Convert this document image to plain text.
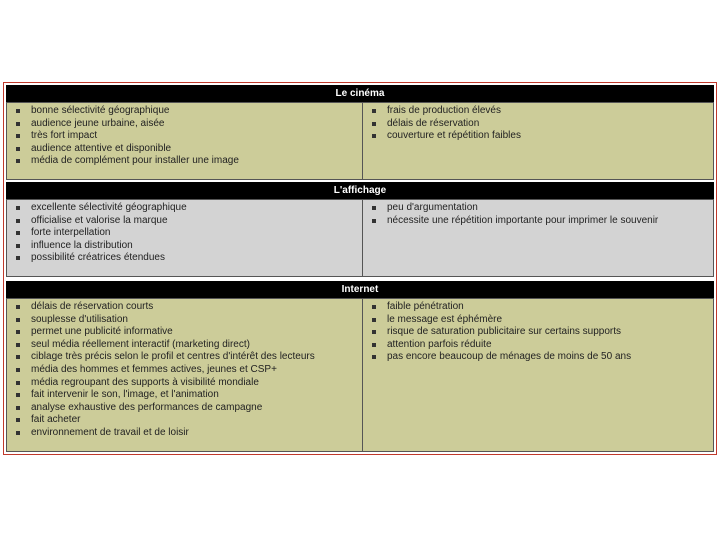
Le cinéma
bonne sélectivité géographique
audience jeune urbaine, aisée
très fort impact
audience attentive et disponible
média de complément pour installer une image
frais de production élevés
délais de réservation
couverture et répétition faibles
L'affichage
excellente sélectivité géographique
officialise et valorise la marque
forte interpellation
influence la distribution
possibilité créatrices étendues
peu d'argumentation
nécessite une répétition importante pour imprimer le souvenir
Internet
délais de réservation courts
souplesse d'utilisation
permet une publicité informative
seul média réellement interactif (marketing direct)
ciblage très précis selon le profil et centres d'intérêt des lecteurs
média des hommes et femmes actives, jeunes et CSP+
média regroupant des supports à visibilité mondiale
fait intervenir le son, l'image, et l'animation
analyse exhaustive des performances de campagne
fait acheter
environnement de travail et de loisir
faible pénétration
le message est éphémère
risque de saturation publicitaire sur certains supports
attention parfois réduite
pas encore beaucoup de ménages de moins de 50 ans
